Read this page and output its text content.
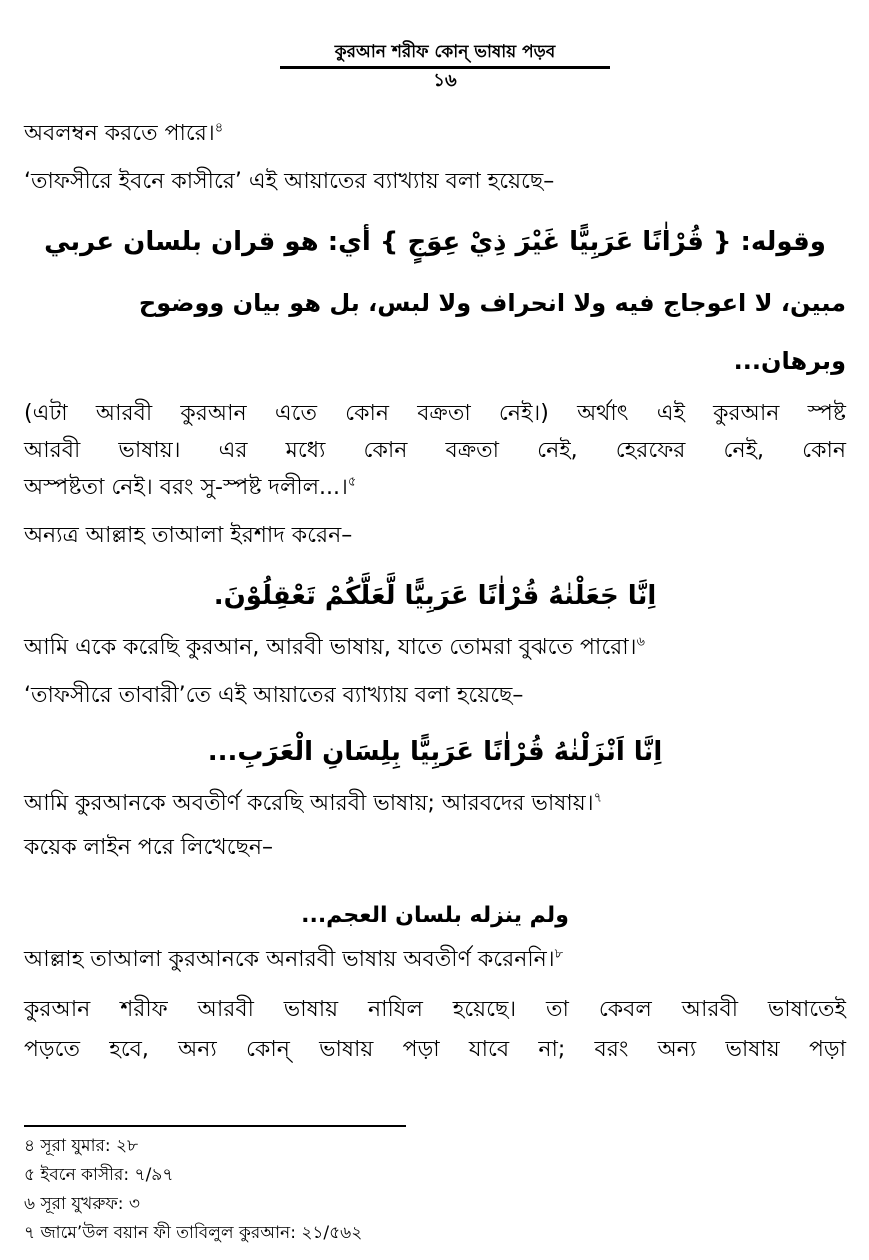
কুরআন শরীফ কোন্ ভাষায় পড়ব
১৬
অবলম্বন করতে পারে।$^৪$
‘তাফসীরে ইবনে কাসীরে’ এই আয়াতের ব্যাখ্যায় বলা হয়েছে–
وقوله: { قُرْاٰنًا عَرَبِيًّا غَيْرَ ذِيْ عِوَجٍ } أي: هو قران بلسان عربي
مبين، لا اعوجاج فيه ولا انحراف ولا لبس، بل هو بيان ووضوح
وبرهان...
(এটা আরবী কুরআন এতে কোন বক্রতা নেই।) অর্থাৎ এই কুরআন স্পষ্ট
আরবী ভাষায়। এর মধ্যে কোন বক্রতা নেই, হেরফের নেই, কোন
অস্পষ্টতা নেই। বরং সু-স্পষ্ট দলীল...।$^৫$
অন্যত্র আল্লাহ তাআলা ইরশাদ করেন–
اِنَّا جَعَلْنٰهُ قُرْاٰنًا عَرَبِيًّا لَّعَلَّكُمْ تَعْقِلُوْنَ.
আমি একে করেছি কুরআন, আরবী ভাষায়, যাতে তোমরা বুঝতে পারো।$^৬$
‘তাফসীরে তাবারী’তে এই আয়াতের ব্যাখ্যায় বলা হয়েছে–
اِنَّا اَنْزَلْنٰهُ قُرْاٰنًا عَرَبِيًّا بِلِسَانِ الْعَرَبِ...
আমি কুরআনকে অবতীর্ণ করেছি আরবী ভাষায়; আরবদের ভাষায়।$^৭$
কয়েক লাইন পরে লিখেছেন–
ولم ينزله بلسان العجم...
আল্লাহ তাআলা কুরআনকে অনারবী ভাষায় অবতীর্ণ করেননি।$^৮$
কুরআন শরীফ আরবী ভাষায় নাযিল হয়েছে। তা কেবল আরবী ভাষাতেই
পড়তে হবে, অন্য কোন্ ভাষায় পড়া যাবে না; বরং অন্য ভাষায় পড়া
৪ সূরা যুমার: ২৮
৫ ইবনে কাসীর: ৭/৯৭
৬ সূরা যুখরুফ: ৩
৭ জামে’উল বয়ান ফী তাবিলুল কুরআন: ২১/৫৬২
